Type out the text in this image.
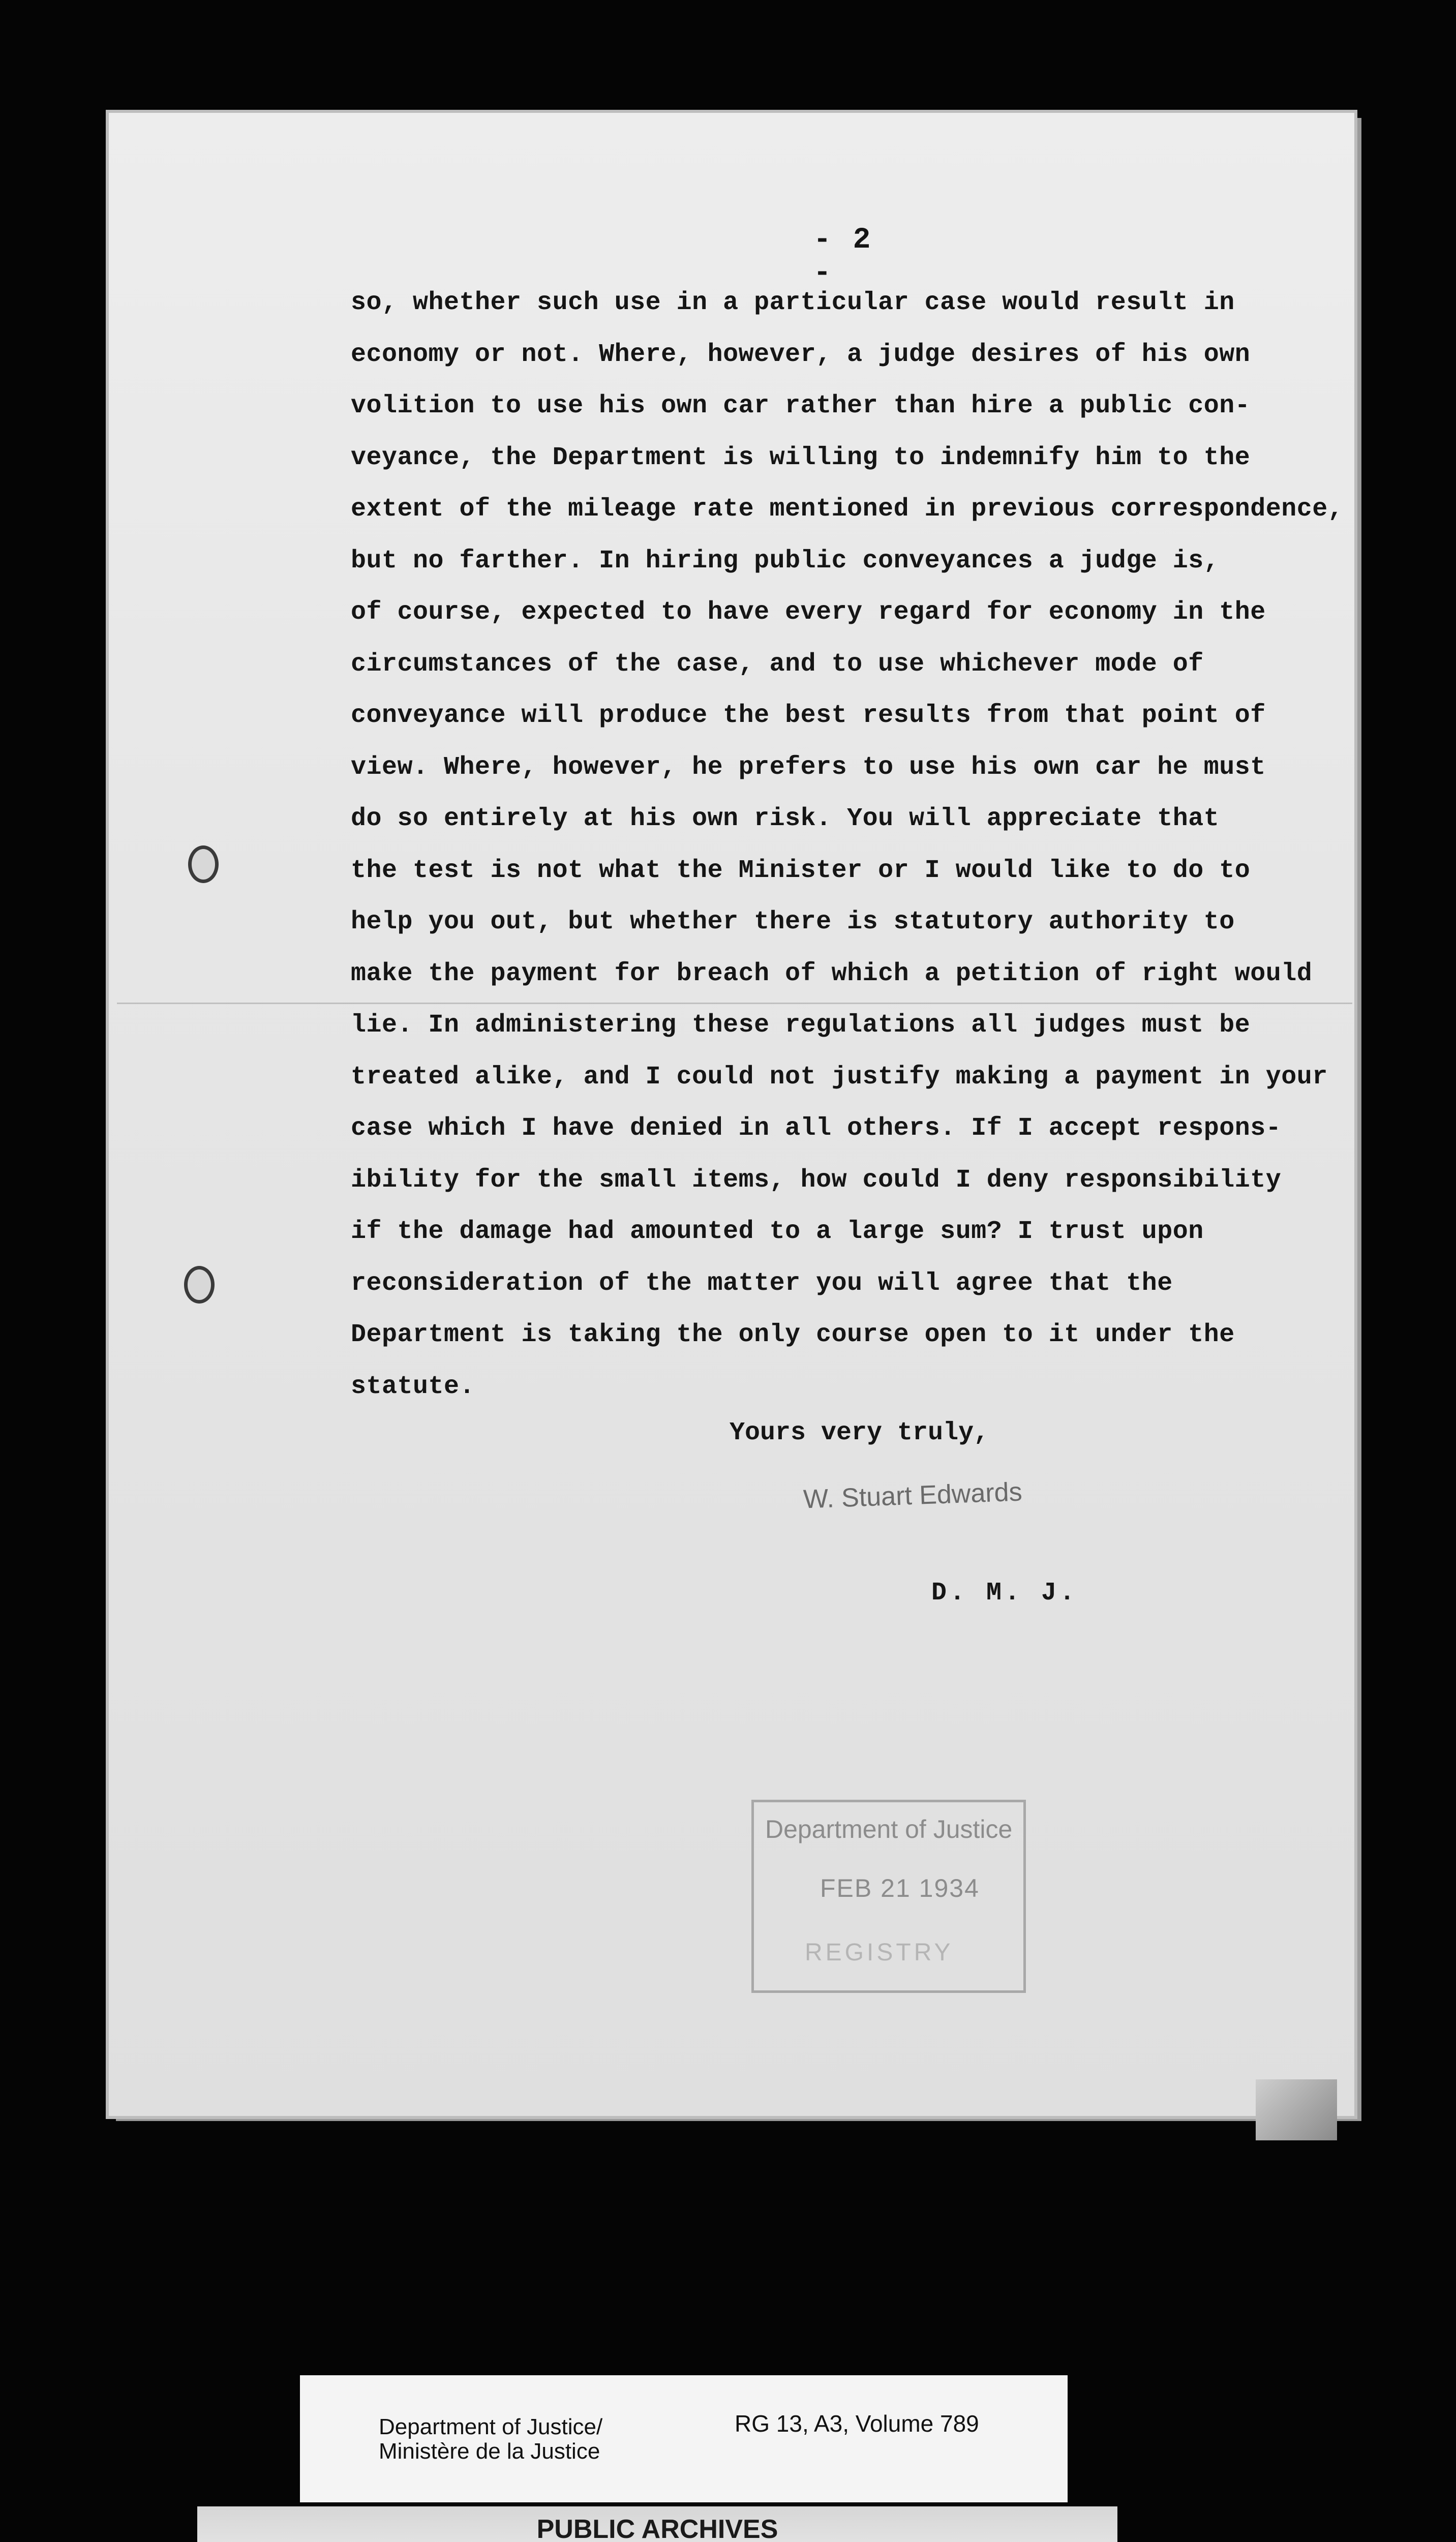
- 2 -
so, whether such use in a particular case would result in
economy or not. Where, however, a judge desires of his own
volition to use his own car rather than hire a public con-
veyance, the Department is willing to indemnify him to the
extent of the mileage rate mentioned in previous correspondence,
but no farther. In hiring public conveyances a judge is,
of course, expected to have every regard for economy in the
circumstances of the case, and to use whichever mode of
conveyance will produce the best results from that point of
view. Where, however, he prefers to use his own car he must
do so entirely at his own risk. You will appreciate that
the test is not what the Minister or I would like to do to
help you out, but whether there is statutory authority to
make the payment for breach of which a petition of right would
lie. In administering these regulations all judges must be
treated alike, and I could not justify making a payment in your
case which I have denied in all others. If I accept respons-
ibility for the small items, how could I deny responsibility
if the damage had amounted to a large sum? I trust upon
reconsideration of the matter you will agree that the
Department is taking the only course open to it under the
statute.
Yours very truly,
W. Stuart Edwards
D. M. J.
Department of Justice
FEB 21 1934
REGISTRY
Department of Justice/
Ministère de la Justice
RG 13, A3, Volume 789
PUBLIC ARCHIVES
